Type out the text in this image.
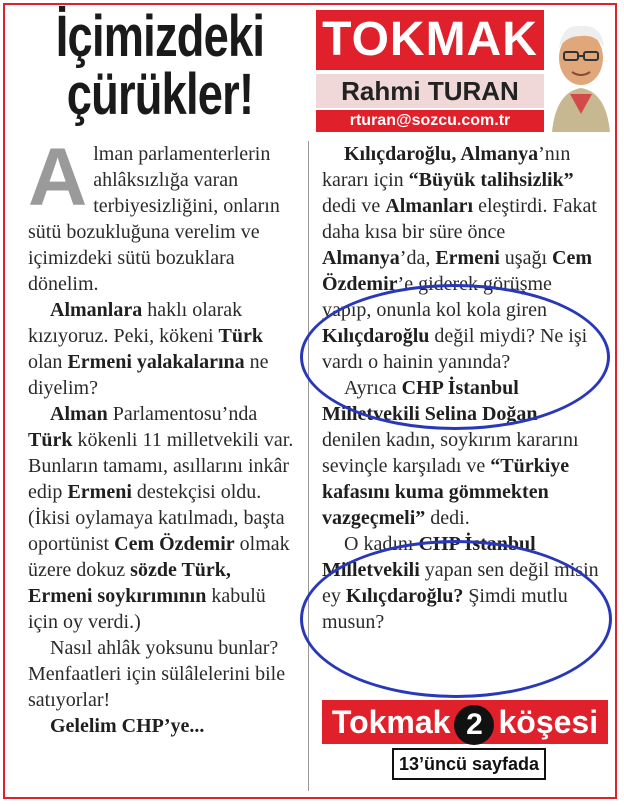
İçimizdeki
çürükler!
TOKMAK
Rahmi TURAN
rturan@sozcu.com.tr

Alman parlamenterlerin ahlâksızlığa varan terbiyesizliğini, onların sütü bozukluğuna verelim ve içimizdeki sütü bozuklara dönelim.

Almanlara haklı olarak kızıyoruz. Peki, kökeni Türk olan Ermeni yalakalarına ne diyelim?

Alman Parlamentosu’nda Türk kökenli 11 milletvekili var. Bunların tamamı, asıllarını inkâr edip Ermeni destekçisi oldu. (İkisi oylamaya katılmadı, başta oportünist Cem Özdemir olmak üzere dokuz sözde Türk, Ermeni soykırımının kabulü için oy verdi.)

Nasıl ahlâk yoksunu bunlar? Menfaatleri için sülâlelerini bile satıyorlar!

Gelelim CHP’ye...

Kılıçdaroğlu, Almanya’nın kararı için “Büyük talihsizlik” dedi ve Almanları eleştirdi. Fakat daha kısa bir süre önce Almanya’da, Ermeni uşağı Cem Özdemir’e giderek görüşme yapıp, onunla kol kola giren Kılıçdaroğlu değil miydi? Ne işi vardı o hainin yanında?

Ayrıca CHP İstanbul Milletvekili Selina Doğan denilen kadın, soykırım kararını sevinçle karşıladı ve “Türkiye kafasını kuma gömmekten vazgeçmeli” dedi.

O kadını CHP İstanbul Milletvekili yapan sen değil misin ey Kılıçdaroğlu? Şimdi mutlu musun?

Tokmak 2 köşesi
13’üncü sayfada
